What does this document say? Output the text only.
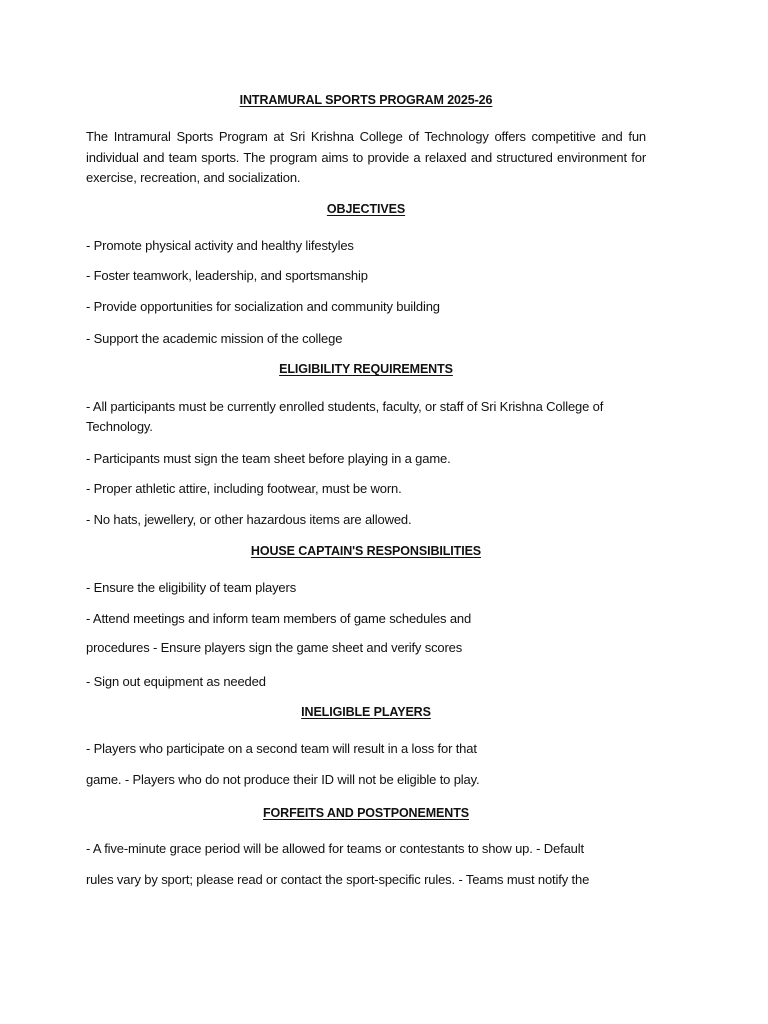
INTRAMURAL SPORTS PROGRAM 2025-26
The Intramural Sports Program at Sri Krishna College of Technology offers competitive and fun individual and team sports. The program aims to provide a relaxed and structured environment for exercise, recreation, and socialization.
OBJECTIVES
- Promote physical activity and healthy lifestyles
- Foster teamwork, leadership, and sportsmanship
- Provide opportunities for socialization and community building
- Support the academic mission of the college
ELIGIBILITY REQUIREMENTS
- All participants must be currently enrolled students, faculty, or staff of Sri Krishna College of
Technology.
- Participants must sign the team sheet before playing in a game.
- Proper athletic attire, including footwear, must be worn.
- No hats, jewellery, or other hazardous items are allowed.
HOUSE CAPTAIN'S RESPONSIBILITIES
- Ensure the eligibility of team players
- Attend meetings and inform team members of game schedules and
procedures - Ensure players sign the game sheet and verify scores
- Sign out equipment as needed
INELIGIBLE PLAYERS
- Players who participate on a second team will result in a loss for that
game. - Players who do not produce their ID will not be eligible to play.
FORFEITS AND POSTPONEMENTS
- A five-minute grace period will be allowed for teams or contestants to show up. - Default
rules vary by sport; please read or contact the sport-specific rules. - Teams must notify the
